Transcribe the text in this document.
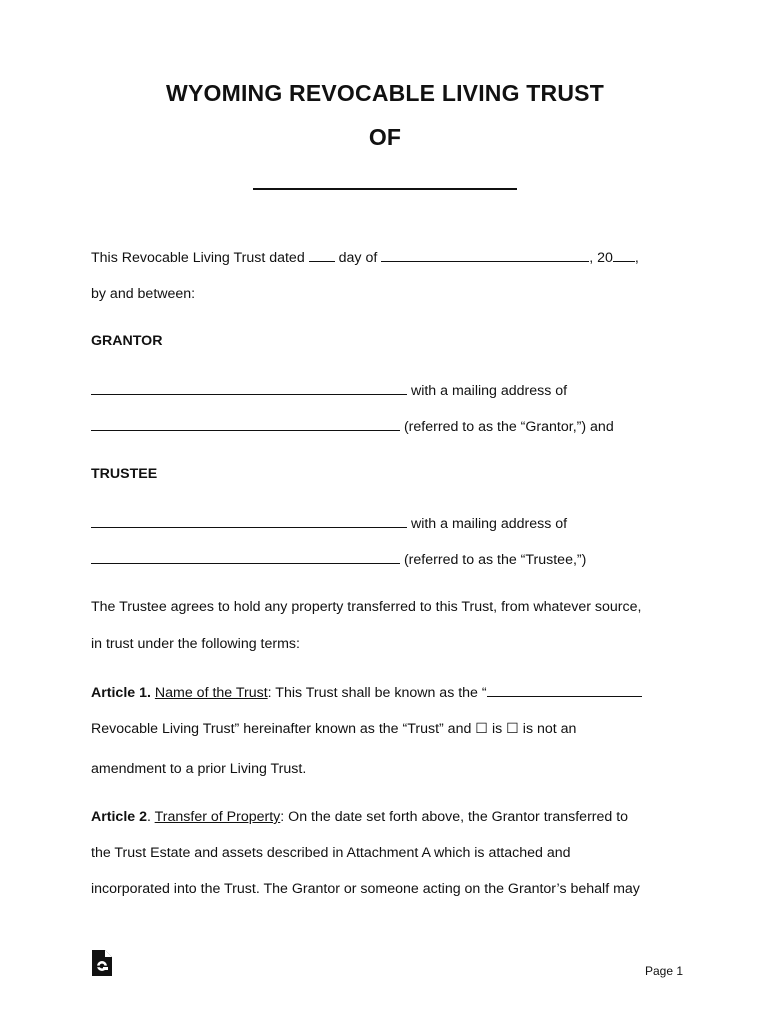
WYOMING REVOCABLE LIVING TRUST
OF
This Revocable Living Trust dated day of	, 20 ,
by and between:
GRANTOR
with a mailing address of
(referred to as the “Grantor,”) and
TRUSTEE
with a mailing address of
(referred to as the “Trustee,”)
The Trustee agrees to hold any property transferred to this Trust, from whatever source,
in trust under the following terms:
Article 1. Name of the Trust: This Trust shall be known as the “
Revocable Living Trust” hereinafter known as the “Trust” and ☐ is ☐ is not an
amendment to a prior Living Trust.
Article 2. Transfer of Property: On the date set forth above, the Grantor transferred to
the Trust Estate and assets described in Attachment A which is attached and
incorporated into the Trust. The Grantor or someone acting on the Grantor’s behalf may
Page 1
